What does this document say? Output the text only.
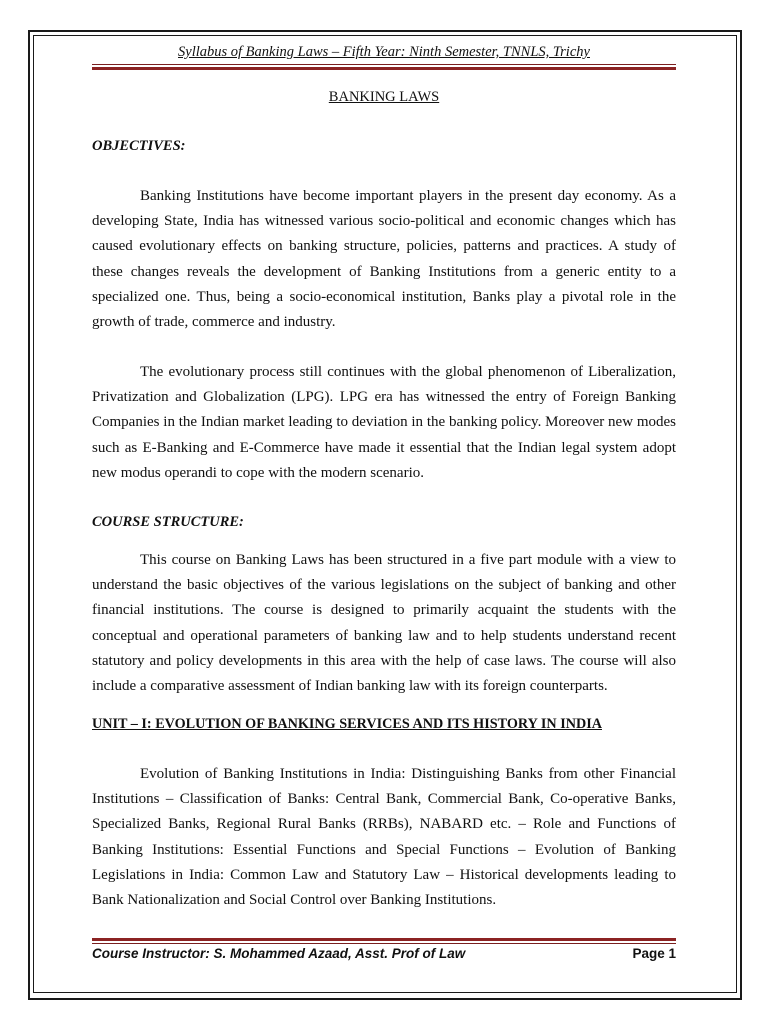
Syllabus of Banking Laws – Fifth Year: Ninth Semester, TNNLS, Trichy
BANKING LAWS
OBJECTIVES:

Banking Institutions have become important players in the present day economy. As a developing State, India has witnessed various socio-political and economic changes which has caused evolutionary effects on banking structure, policies, patterns and practices. A study of these changes reveals the development of Banking Institutions from a generic entity to a specialized one. Thus, being a socio-economical institution, Banks play a pivotal role in the growth of trade, commerce and industry.

The evolutionary process still continues with the global phenomenon of Liberalization, Privatization and Globalization (LPG). LPG era has witnessed the entry of Foreign Banking Companies in the Indian market leading to deviation in the banking policy. Moreover new modes such as E-Banking and E-Commerce have made it essential that the Indian legal system adopt new modus operandi to cope with the modern scenario.

COURSE STRUCTURE:

This course on Banking Laws has been structured in a five part module with a view to understand the basic objectives of the various legislations on the subject of banking and other financial institutions. The course is designed to primarily acquaint the students with the conceptual and operational parameters of banking law and to help students understand recent statutory and policy developments in this area with the help of case laws. The course will also include a comparative assessment of Indian banking law with its foreign counterparts.

UNIT – I: EVOLUTION OF BANKING SERVICES AND ITS HISTORY IN INDIA

Evolution of Banking Institutions in India: Distinguishing Banks from other Financial Institutions – Classification of Banks: Central Bank, Commercial Bank, Co-operative Banks, Specialized Banks, Regional Rural Banks (RRBs), NABARD etc. – Role and Functions of Banking Institutions: Essential Functions and Special Functions – Evolution of Banking Legislations in India: Common Law and Statutory Law – Historical developments leading to Bank Nationalization and Social Control over Banking Institutions.

Course Instructor: S. Mohammed Azaad, Asst. Prof of Law	Page 1
